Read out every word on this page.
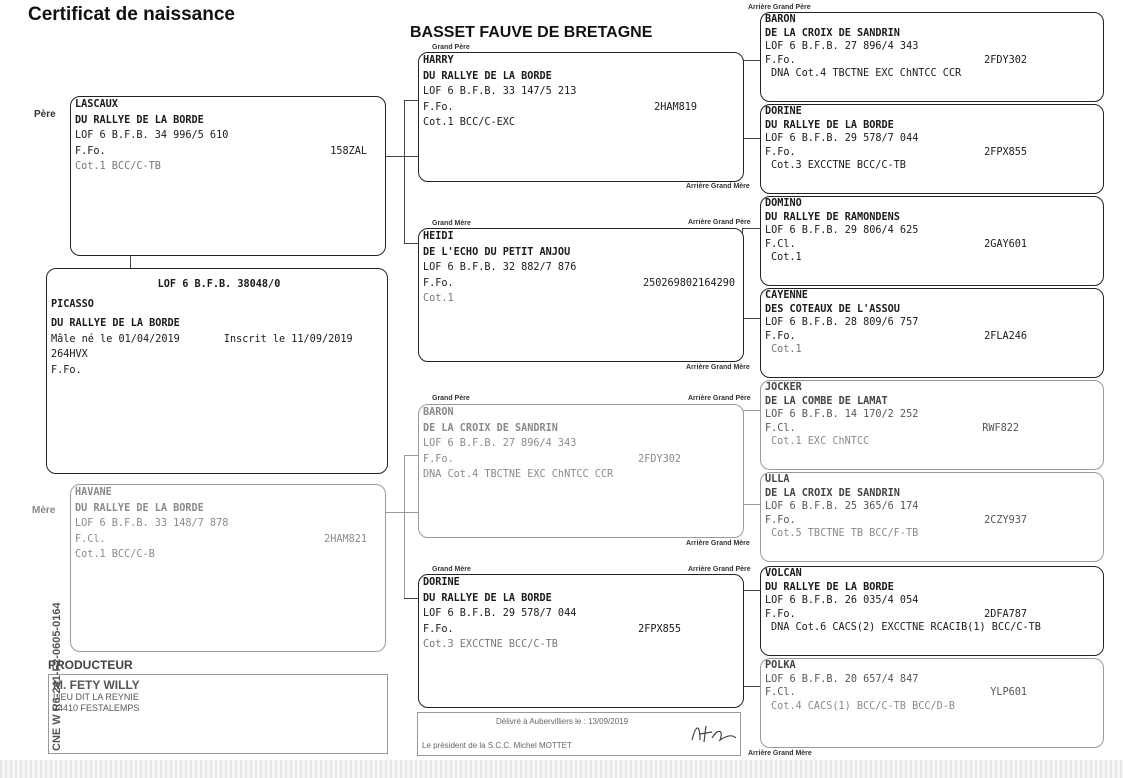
Certificat de naissance
BASSET FAUVE DE BRETAGNE
Père
Mère
LASCAUX
DU RALLYE DE LA BORDE
LOF 6 B.F.B. 34 996/5 610
F.Fo.	158ZAL
Cot.1 BCC/C-TB
LOF 6 B.F.B. 38048/0
PICASSO
DU RALLYE DE LA BORDE
Mâle né le 01/04/2019	Inscrit le 11/09/2019
264HVX
F.Fo.
HAVANE
DU RALLYE DE LA BORDE
LOF 6 B.F.B. 33 148/7 878
F.Cl.	2HAM821
Cot.1 BCC/C-B
Grand Père
HARRY
DU RALLYE DE LA BORDE
LOF 6 B.F.B. 33 147/5 213
F.Fo.	2HAM819
Cot.1 BCC/C-EXC
Grand Mère
HEIDI
DE L'ECHO DU PETIT ANJOU
LOF 6 B.F.B. 32 882/7 876
F.Fo.	250269802164290
Cot.1
Grand Père
BARON
DE LA CROIX DE SANDRIN
LOF 6 B.F.B. 27 896/4 343
F.Fo.	2FDY302
DNA Cot.4 TBCTNE EXC ChNTCC CCR
Grand Mère
DORINE
DU RALLYE DE LA BORDE
LOF 6 B.F.B. 29 578/7 044
F.Fo.	2FPX855
Cot.3 EXCCTNE BCC/C-TB
Arrière Grand Père
Arrière Grand Mère
Arrière Grand Père
Arrière Grand Mère
Arrière Grand Père
Arrière Grand Mère
Arrière Grand Père
Arrière Grand Mère
BARON
DE LA CROIX DE SANDRIN
LOF 6 B.F.B. 27 896/4 343
F.Fo.	2FDY302
DNA Cot.4 TBCTNE EXC ChNTCC CCR
DORINE
DU RALLYE DE LA BORDE
LOF 6 B.F.B. 29 578/7 044
F.Fo.	2FPX855
Cot.3 EXCCTNE BCC/C-TB
DOMINO
DU RALLYE DE RAMONDENS
LOF 6 B.F.B. 29 806/4 625
F.Cl.	2GAY601
Cot.1
CAYENNE
DES COTEAUX DE L'ASSOU
LOF 6 B.F.B. 28 809/6 757
F.Fo.	2FLA246
Cot.1
JOCKER
DE LA COMBE DE LAMAT
LOF 6 B.F.B. 14 170/2 252
F.Cl.	RWF822
Cot.1 EXC ChNTCC
ULLA
DE LA CROIX DE SANDRIN
LOF 6 B.F.B. 25 365/6 174
F.Fo.	2CZY937
Cot.5 TBCTNE TB BCC/F-TB
VOLCAN
DU RALLYE DE LA BORDE
LOF 6 B.F.B. 26 035/4 054
F.Fo.	2DFA787
DNA Cot.6 CACS(2) EXCCTNE RCACIB(1) BCC/C-TB
POLKA
LOF 6 B.F.B. 20 657/4 847
F.Cl.	YLP601
Cot.4 CACS(1) BCC/C-TB BCC/D-B
PRODUCTEUR
M. FETY WILLY
LIEU DIT LA REYNIE
24410 FESTALEMPS
Délivré à Aubervilliers le : 13/09/2019
Le président de la S.C.C. Michel MOTTET
CNE W R6-241-F2-0605-0164
